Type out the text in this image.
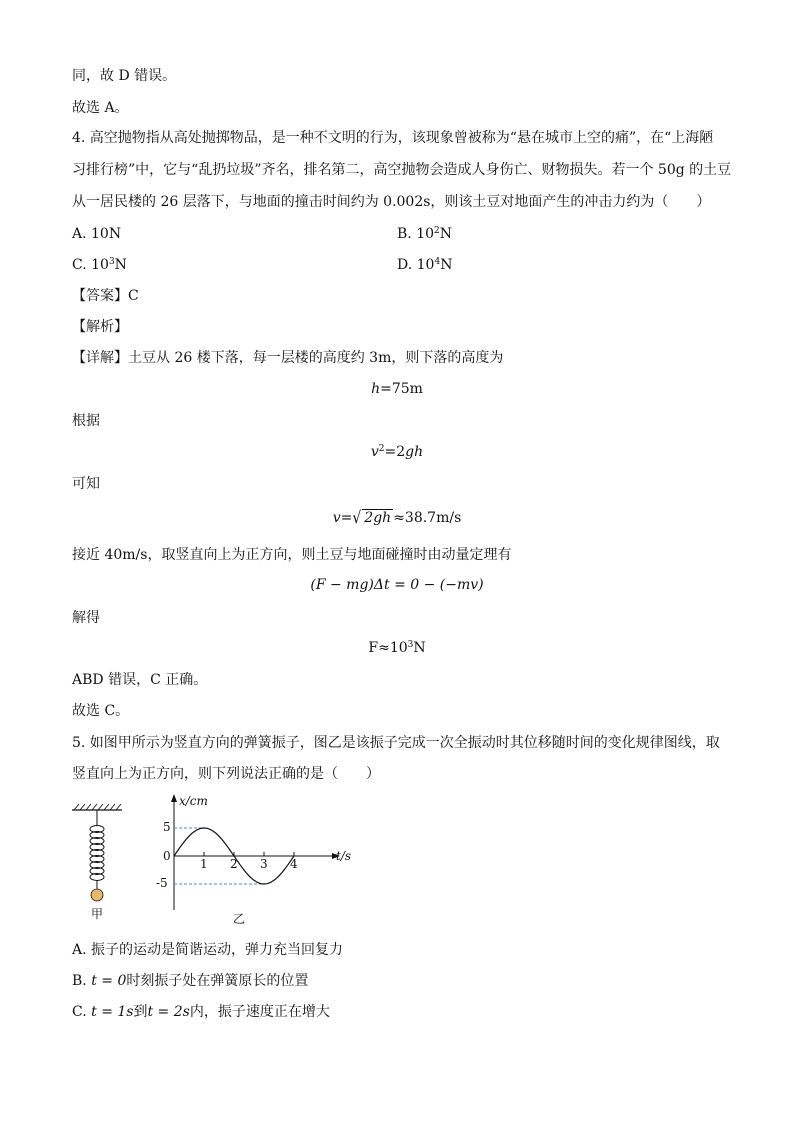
同，故 D 错误。
故选 A。
4. 高空抛物指从高处抛掷物品，是一种不文明的行为，该现象曾被称为“悬在城市上空的痛”，在“上海陋
习排行榜”中，它与“乱扔垃圾”齐名，排名第二，高空抛物会造成人身伤亡、财物损失。若一个 50g 的土豆
从一居民楼的 26 层落下，与地面的撞击时间约为 0.002s，则该土豆对地面产生的冲击力约为（　　）
A. 10N	B. $10^2N$
C. $10^3N$	D. $10^4N$
【答案】C
【解析】
【详解】土豆从 26 楼下落，每一层楼的高度约 3m，则下落的高度为
h=75m
根据
$v^2=2gh$
可知
v=√ 2gh ≈38.7m/s
接近 40m/s，取竖直向上为正方向，则土豆与地面碰撞时由动量定理有
(F − mg)Δt = 0 − (−mv)
解得
$F\approx 10^3N$
ABD 错误，C 正确。
故选 C。
5. 如图甲所示为竖直方向的弹簧振子，图乙是该振子完成一次全振动时其位移随时间的变化规律图线，取
竖直向上为正方向，则下列说法正确的是（　　）
甲
x/cm
t/s
0
5
-5
1 2 3 4
乙
A. 振子的运动是简谐运动，弹力充当回复力
B. t = 0时刻振子处在弹簧原长的位置
C. t = 1s到t = 2s内，振子速度正在增大
